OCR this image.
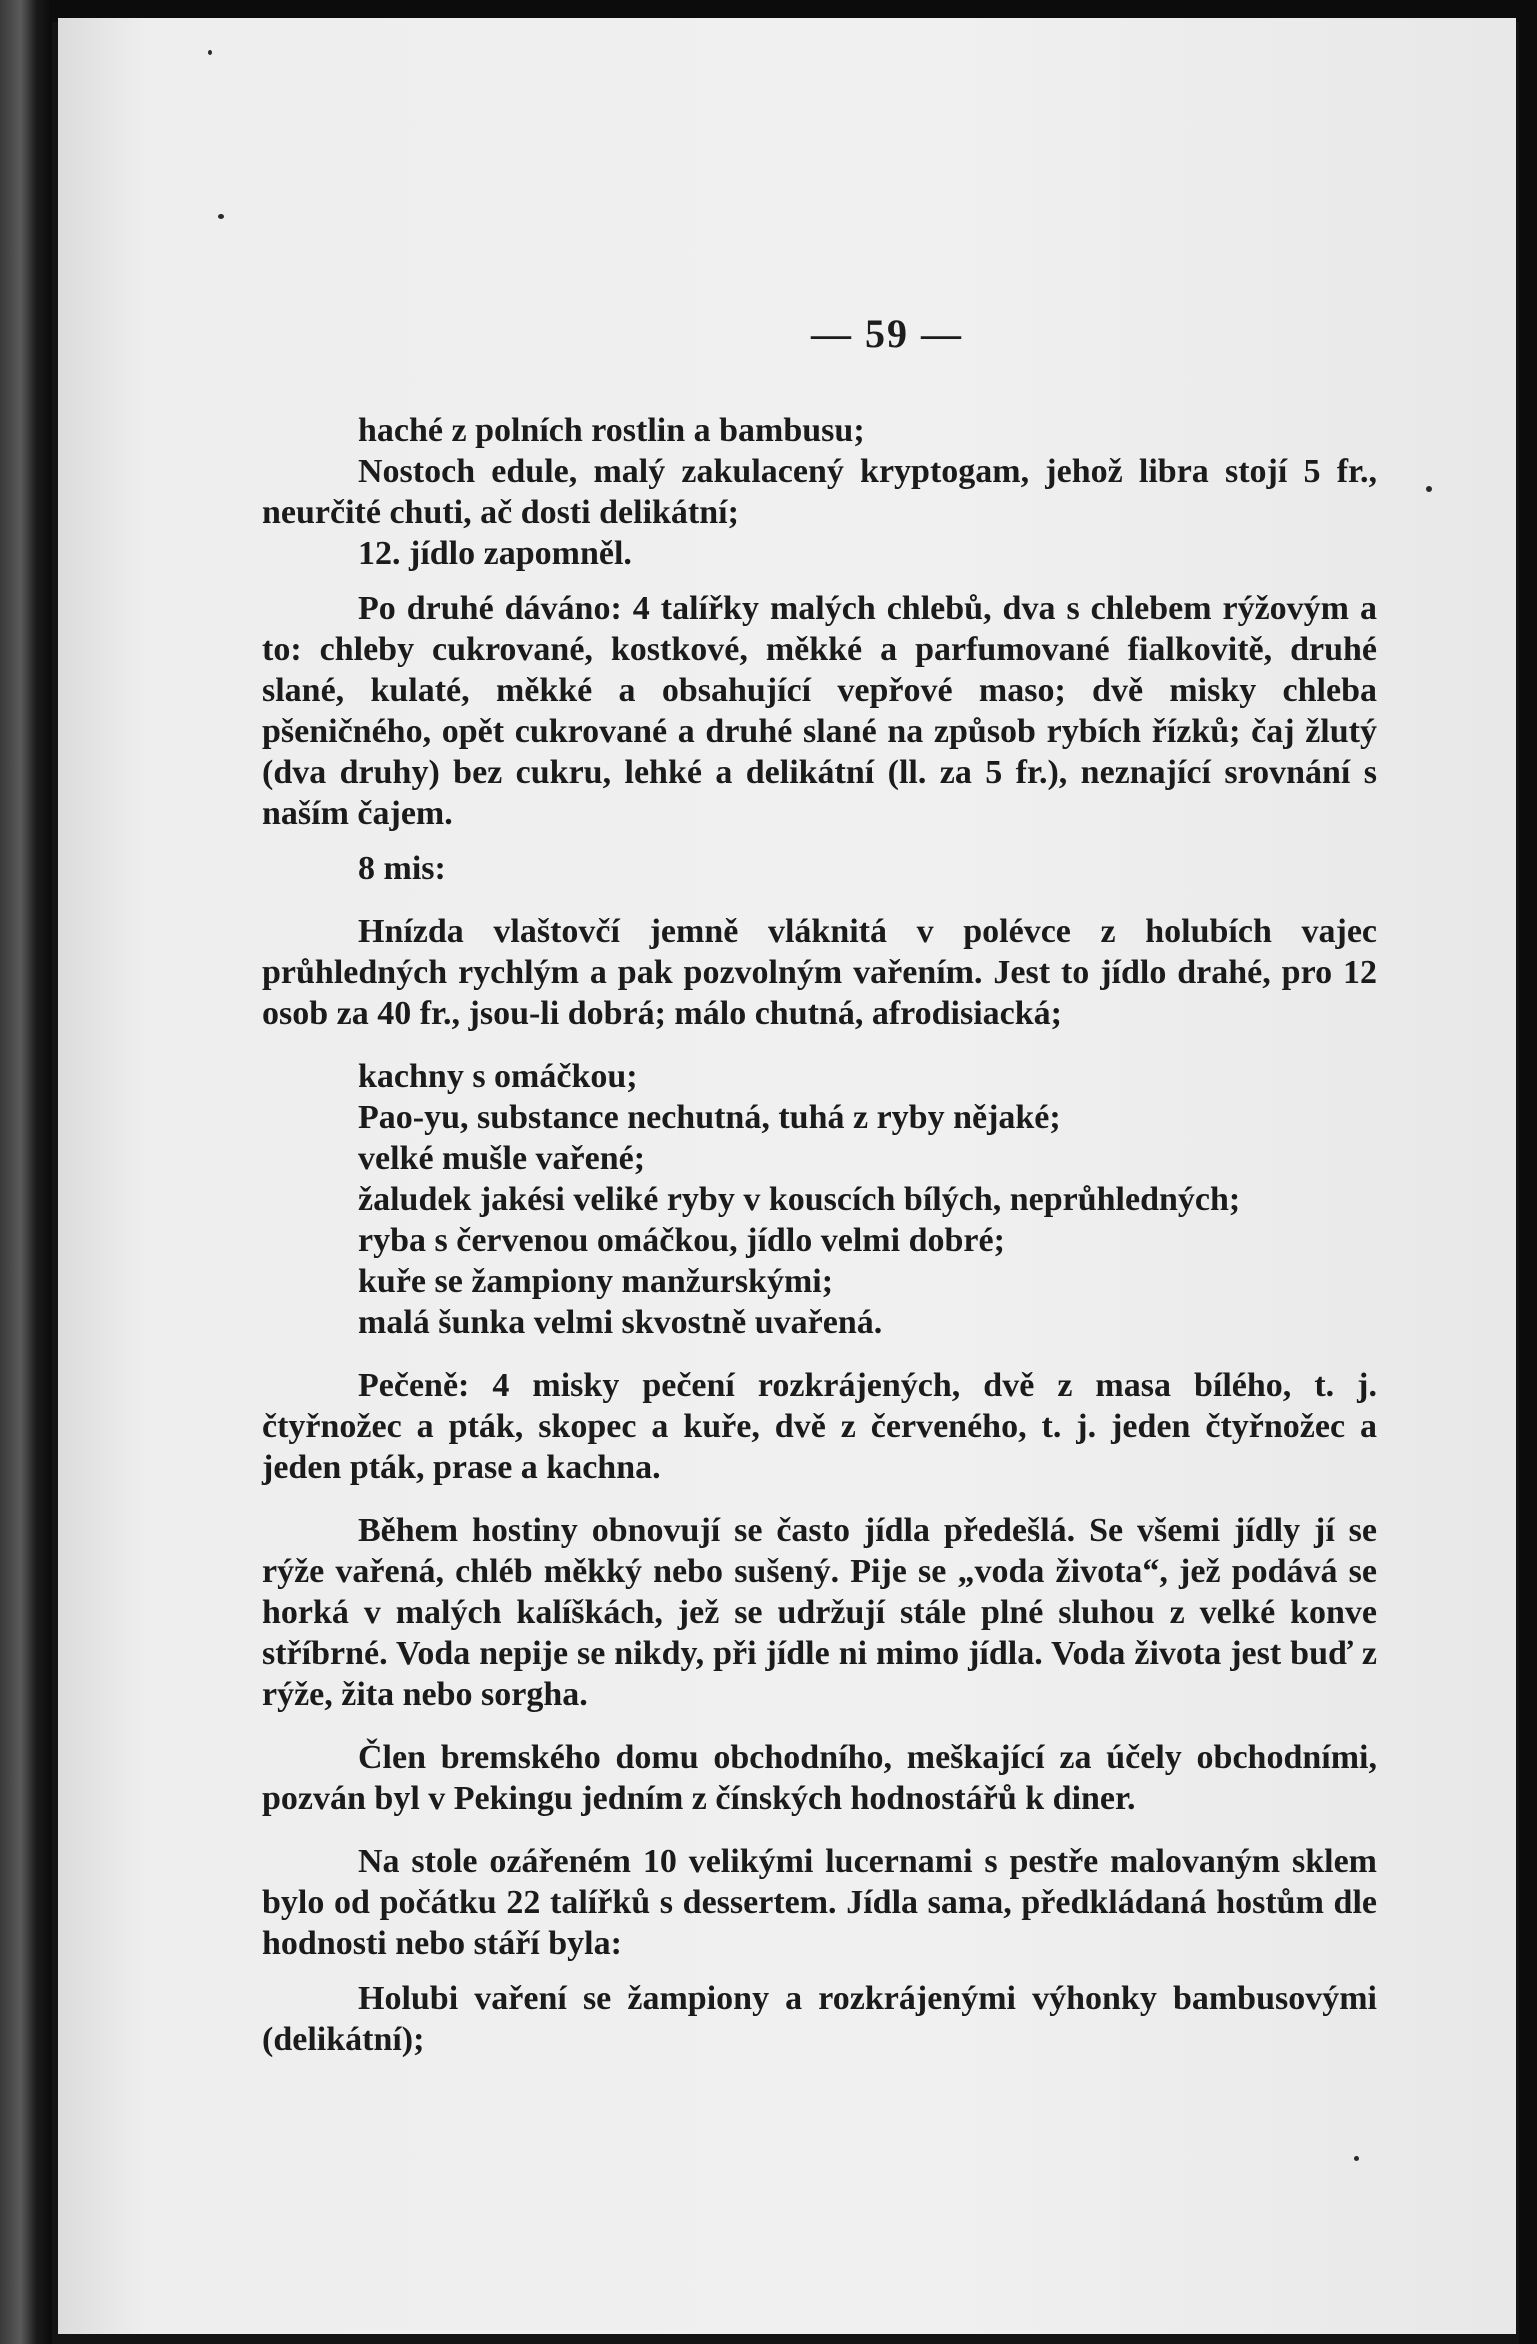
— 59 —

haché z polních rostlin a bambusu;

Nostoch edule, malý zakulacený kryptogam, jehož libra stojí 5 fr., neurčité chuti, ač dosti delikátní;

12. jídlo zapomněl.

Po druhé dáváno: 4 talířky malých chlebů, dva s chlebem rýžovým a to: chleby cukrované, kostkové, měkké a parfumované fialkovitě, druhé slané, kulaté, měkké a obsahující vepřové maso; dvě misky chleba pšeničného, opět cukrované a druhé slané na způsob rybích řízků; čaj žlutý (dva druhy) bez cukru, lehké a delikátní (ll. za 5 fr.), neznající srovnání s naším čajem.

8 mis:

Hnízda vlaštovčí jemně vláknitá v polévce z holubích vajec průhledných rychlým a pak pozvolným vařením. Jest to jídlo drahé, pro 12 osob za 40 fr., jsou-li dobrá; málo chutná, afrodisiacká;

kachny s omáčkou;

Pao-yu, substance nechutná, tuhá z ryby nějaké;

velké mušle vařené;

žaludek jakési veliké ryby v kouscích bílých, neprůhledných;

ryba s červenou omáčkou, jídlo velmi dobré;

kuře se žampiony manžurskými;

malá šunka velmi skvostně uvařená.

Pečeně: 4 misky pečení rozkrájených, dvě z masa bílého, t. j. čtyřnožec a pták, skopec a kuře, dvě z červeného, t. j. jeden čtyřnožec a jeden pták, prase a kachna.

Během hostiny obnovují se často jídla předešlá. Se všemi jídly jí se rýže vařená, chléb měkký nebo sušený. Pije se „voda života“, jež podává se horká v malých kalíškách, jež se udržují stále plné sluhou z velké konve stříbrné. Voda nepije se nikdy, při jídle ni mimo jídla. Voda života jest buď z rýže, žita nebo sorgha.

Člen bremského domu obchodního, meškající za účely obchodními, pozván byl v Pekingu jedním z čínských hodnostářů k diner.

Na stole ozářeném 10 velikými lucernami s pestře malovaným sklem bylo od počátku 22 talířků s dessertem. Jídla sama, předkládaná hostům dle hodnosti nebo stáří byla:

Holubi vaření se žampiony a rozkrájenými výhonky bambusovými (delikátní);
